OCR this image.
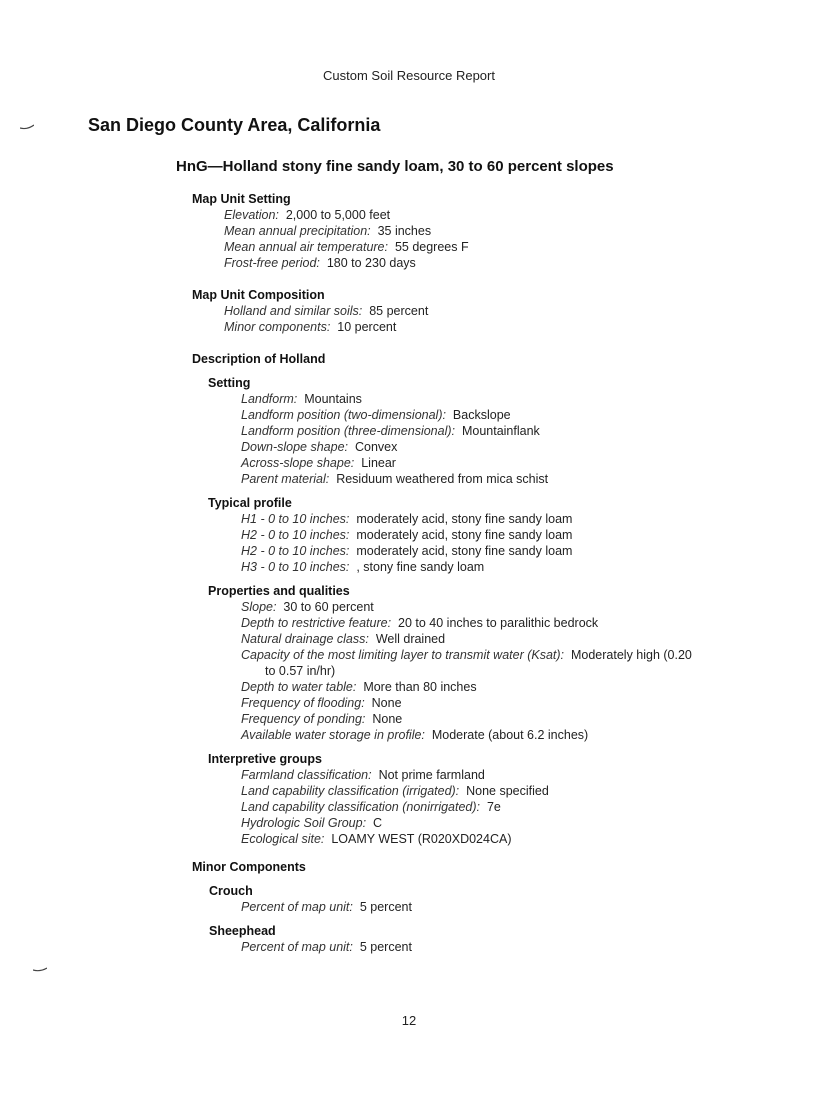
Custom Soil Resource Report
San Diego County Area, California
HnG—Holland stony fine sandy loam, 30 to 60 percent slopes
Map Unit Setting
Elevation: 2,000 to 5,000 feet
Mean annual precipitation: 35 inches
Mean annual air temperature: 55 degrees F
Frost-free period: 180 to 230 days
Map Unit Composition
Holland and similar soils: 85 percent
Minor components: 10 percent
Description of Holland
Setting
Landform: Mountains
Landform position (two-dimensional): Backslope
Landform position (three-dimensional): Mountainflank
Down-slope shape: Convex
Across-slope shape: Linear
Parent material: Residuum weathered from mica schist
Typical profile
H1 - 0 to 10 inches: moderately acid, stony fine sandy loam
H2 - 0 to 10 inches: moderately acid, stony fine sandy loam
H2 - 0 to 10 inches: moderately acid, stony fine sandy loam
H3 - 0 to 10 inches: , stony fine sandy loam
Properties and qualities
Slope: 30 to 60 percent
Depth to restrictive feature: 20 to 40 inches to paralithic bedrock
Natural drainage class: Well drained
Capacity of the most limiting layer to transmit water (Ksat): Moderately high (0.20
to 0.57 in/hr)
Depth to water table: More than 80 inches
Frequency of flooding: None
Frequency of ponding: None
Available water storage in profile: Moderate (about 6.2 inches)
Interpretive groups
Farmland classification: Not prime farmland
Land capability classification (irrigated): None specified
Land capability classification (nonirrigated): 7e
Hydrologic Soil Group: C
Ecological site: LOAMY WEST (R020XD024CA)
Minor Components
Crouch
Percent of map unit: 5 percent
Sheephead
Percent of map unit: 5 percent
12
